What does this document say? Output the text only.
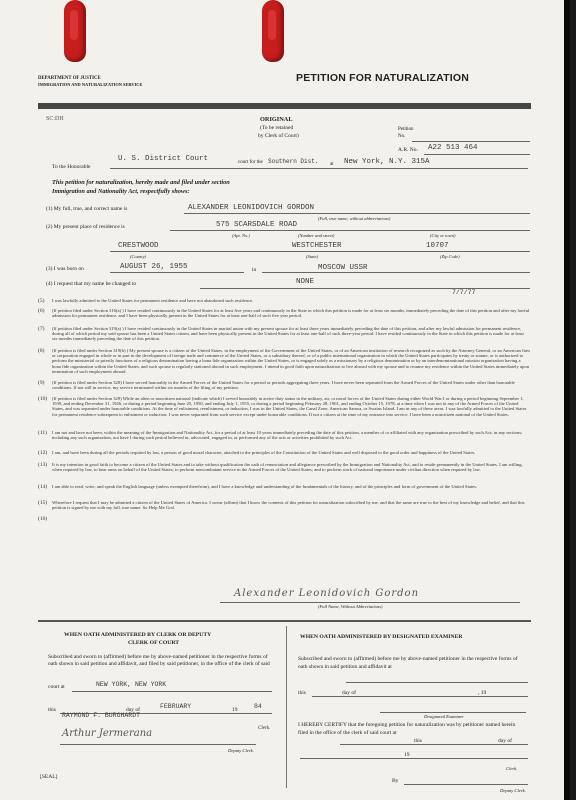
DEPARTMENT OF JUSTICE
IMMIGRATION AND NATURALIZATION SERVICE
PETITION FOR NATURALIZATION
SC:DH	ORIGINAL
(To be retained
by Clerk of Court)
Petition
No.
A.R. No. A22 513 464
To the Honorable
U. S. District Court	court for the Southern Dist. at New York, N.Y. 315A
This petition for naturalization, hereby made and filed under section
Immigration and Nationality Act, respectfully shows:
(1) My full, true, and correct name is	ALEXANDER LEONIDOVICH GORDON
(Full, true name, without abbreviations)
(2) My present place of residence is	575 SCARSDALE ROAD
(Apt. No.)	(Number and street)	(City or town)
CRESTWOOD	WESTCHESTER	10707
(County)	(State)	(Zip Code)
(3) I was born on	AUGUST 26, 1955	in	MOSCOW USSR
(4) I request that my name be changed to	NONE
7/7/77
(5) I was lawfully admitted to the United States for permanent residence and have not abandoned such residence.
(6) (If petition filed under Section 316(a) ) I have resided continuously in the United States for at least five years and continuously in the State in which this petition is made for at least six months, immediately preceding the date of this petition and after my lawful admission for permanent residence, and I have been physically present in the United States for at least one-half of such five year period.
(7) (If petition filed under Section 319(a) ) I have resided continuously in the United States in marital union with my present spouse for at least three years immediately preceding the date of this petition, and after my lawful admission for permanent residence, during all of which period my said spouse has been a United States citizen, and have been physically present in the United States for at least one-half of such three-year period. I have resided continuously in the State in which this petition is made for at least six months immediately preceding the date of this petition.
(8) (If petition is filed under Section 319(b) ) My present spouse is a citizen of the United States, in the employment of the Government of the United States, or of an American institution of research recognized as such by the Attorney General, or an American firm or corporation engaged in whole or in part in the development of foreign trade and commerce of the United States, or a subsidiary thereof, or of a public international organization in which the United States participates by treaty or statute, or is authorized to perform the ministerial or priestly functions of a religious denomination having a bona fide organization within the United States, or is engaged solely as a missionary by a religious denomination or by an interdenominational mission organization having a bona fide organization within the United States, and such spouse is regularly stationed abroad in such employment. I intend in good faith upon naturalization to live abroad with my spouse and to resume my residence within the United States immediately upon termination of such employment abroad.
(9) (If petition is filed under Section 328) I have served honorably in the Armed Forces of the United States for a period or periods aggregating three years. I have never been separated from the Armed Forces of the United States under other than honorable conditions. If not still in service, my service terminated within six months of the filing of my petition.
(10) (If petition is filed under Section 329) While an alien or noncitizen national (indicate which) I served honorably in active duty status in the military, air, or naval forces of the United States during either World War I or during a period beginning September 1, 1939, and ending December 31, 1946, or during a period beginning June 25, 1950, and ending July 1, 1955, or during a period beginning February 28, 1961, and ending October 15, 1978, at a time when I was not in any of the Armed Forces of the United States, and was separated under honorable conditions. At the time of enlistment, reenlistment, or induction, I was in the United States, the Canal Zone, American Samoa, or Swains Island. I am in any of these areas. I was lawfully admitted to the United States for permanent residence subsequent to enlistment or induction. I was never separated from such service except under honorable conditions. If not a citizen at the time of my entrance into service, I have been a noncitizen national of the United States.
(11) I am not and have not been, within the meaning of the Immigration and Nationality Act, for a period of at least 10 years immediately preceding the date of this petition, a member of or affiliated with any organization proscribed by such Act; in any sections; including any such organization, not have I during such period believed in, advocated, engaged in, or performed any of the acts or activities prohibited by such Act.
(12) I am, and have been during all the periods required by law, a person of good moral character, attached to the principles of the Constitution of the United States and well disposed to the good order and happiness of the United States.
(13) It is my intention in good faith to become a citizen of the United States and to take without qualification the oath of renunciation and allegiance prescribed by the Immigration and Nationality Act, and to reside permanently in the United States. I am willing, when required by law, to bear arms on behalf of the United States; to perform noncombatant service in the Armed Forces of the United States; and to perform work of national importance under civilian direction when required by law.
(14) I am able to read, write, and speak the English language (unless exempted therefrom), and I have a knowledge and understanding of the fundamentals of the history, and of the principles and form of government of the United States.
(15) Wherefore I request that I may be admitted a citizen of the United States of America. I swear (affirm) that I know the contents of this petition for naturalization subscribed by me, and that the same are true to the best of my knowledge and belief, and that this petition is signed by me with my full, true name. So Help Me God.
(16)
Alexander Leonidovich Gordon
(Full Name, Without Abbreviations)
WHEN OATH ADMINISTERED BY CLERK OR DEPUTY
CLERK OF COURT
Subscribed and sworn to (affirmed) before me by above-named petitioner in the respective forms of oath shown in said petition and affidavit, and filed by said petitioner, in the office of the clerk of said
court at	NEW YORK, NEW YORK
this	day of	FEBRUARY	19	84
RAYMOND F. BURGHARDT
Clerk.
Arthur Jermerana
Deputy Clerk.
[SEAL]
WHEN OATH ADMINISTERED BY DESIGNATED EXAMINER
Subscribed and sworn to (affirmed) before me by above-named petitioner in the respective forms of oath shown in said petition and affidavit at
this	day of	, 19
Designated Examiner
I HEREBY CERTIFY that the foregoing petition for naturalization was by petitioner named herein filed in the office of the clerk of said court at
this	day of
19
Clerk.
By
Deputy Clerk.
